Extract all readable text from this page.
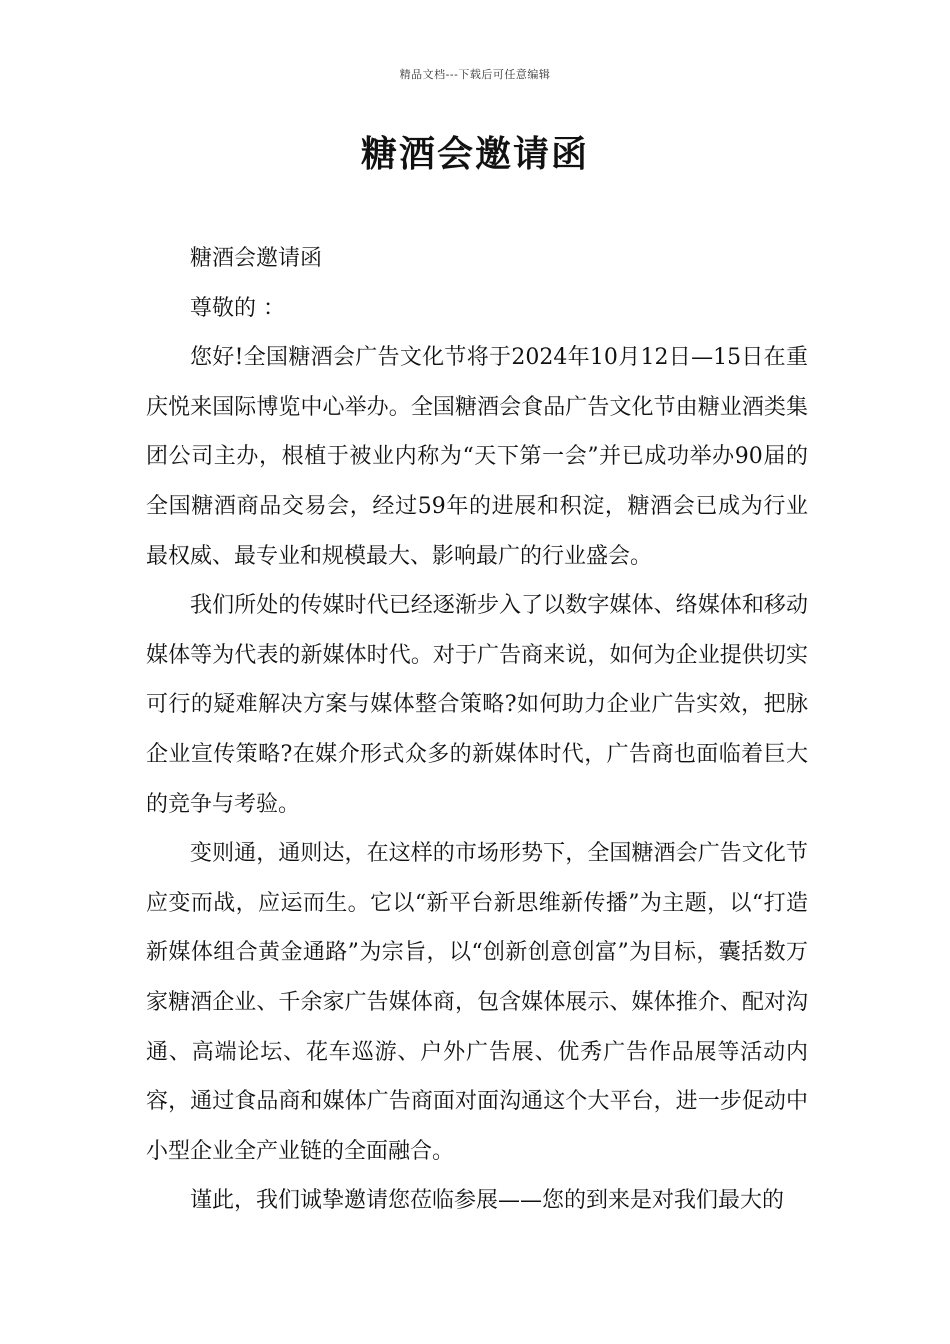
精品文档---下载后可任意编辑
糖酒会邀请函

糖酒会邀请函

尊敬的 ：

您好!全国糖酒会广告文化节将于2024年10月12日—15日在重庆悦来国际博览中心举办。全国糖酒会食品广告文化节由糖业酒类集团公司主办，根植于被业内称为“天下第一会”并已成功举办90届的全国糖酒商品交易会，经过59年的进展和积淀，糖酒会已成为行业最权威、最专业和规模最大、影响最广的行业盛会。

我们所处的传媒时代已经逐渐步入了以数字媒体、络媒体和移动媒体等为代表的新媒体时代。对于广告商来说，如何为企业提供切实可行的疑难解决方案与媒体整合策略?如何助力企业广告实效，把脉企业宣传策略?在媒介形式众多的新媒体时代，广告商也面临着巨大的竞争与考验。

变则通，通则达，在这样的市场形势下，全国糖酒会广告文化节应变而战，应运而生。它以“新平台新思维新传播”为主题，以“打造新媒体组合黄金通路”为宗旨，以“创新创意创富”为目标，囊括数万家糖酒企业、千余家广告媒体商，包含媒体展示、媒体推介、配对沟通、高端论坛、花车巡游、户外广告展、优秀广告作品展等活动内容，通过食品商和媒体广告商面对面沟通这个大平台，进一步促动中小型企业全产业链的全面融合。

谨此，我们诚挚邀请您莅临参展——您的到来是对我们最大的
